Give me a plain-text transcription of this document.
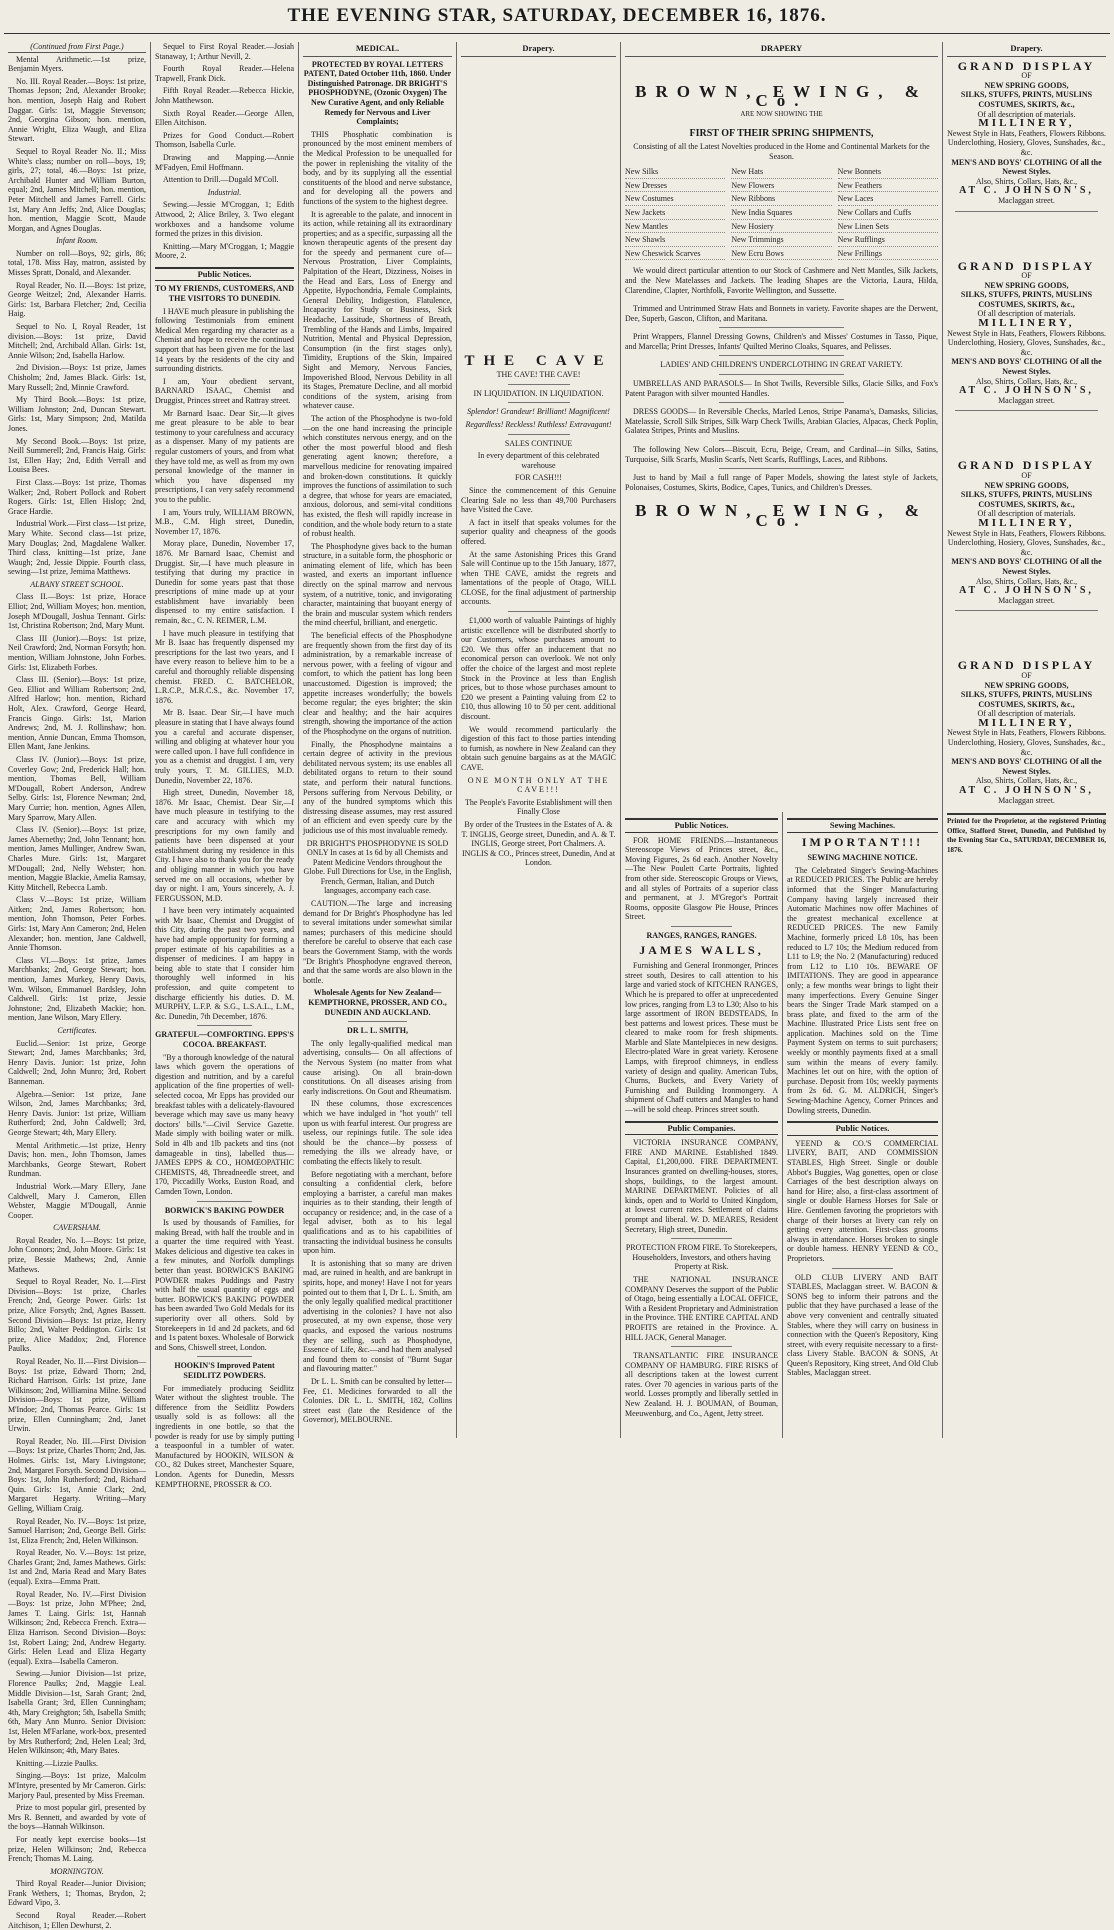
THE EVENING STAR, SATURDAY, DECEMBER 16, 1876.
(Continued from First Page.)

Mental Arithmetic.—1st prize, Benjamin Myers.

No. III. Royal Reader.—Boys: 1st prize, Thomas Jepson; 2nd, Alexander Brooke; hon. mention, Joseph Haig and Robert Daggar. Girls: 1st, Maggie Stevenson; 2nd, Georgina Gibson; hon. mention, Annie Wright, Eliza Waugh, and Eliza Stewart.

Sequel to Royal Reader No. II.; Miss White's class; number on roll—boys, 19; girls, 27; total, 46.—Boys: 1st prize, Archibald Hunter and William Burton, equal; 2nd, James Mitchell; hon. mention, Peter Mitchell and James Farrell. Girls: 1st, Mary Ann Jeffs; 2nd, Alice Douglas; hon. mention, Maggie Scott, Maude Morgan, and Agnes Douglas.

Infant Room.

Number on roll—Boys, 92; girls, 86; total, 178. Miss Hay, matron, assisted by Misses Spratt, Donald, and Alexander.

Royal Reader, No. II.—Boys: 1st prize, George Weitzel; 2nd, Alexander Harris. Girls: 1st, Barbara Fletcher; 2nd, Cecilia Haig.

Sequel to No. I, Royal Reader, 1st division.—Boys: 1st prize, David Mitchell; 2nd, Archibald Allan. Girls: 1st, Annie Wilson; 2nd, Isabella Harlow.

2nd Division.—Boys: 1st prize, James Chisholm; 2nd, James Black. Girls: 1st, Mary Russell; 2nd, Minnie Crawford.

My Third Book.—Boys: 1st prize, William Johnston; 2nd, Duncan Stewart. Girls: 1st, Mary Simpson; 2nd, Matilda Jones.

My Second Book.—Boys: 1st prize, Neill Summerell; 2nd, Francis Haig. Girls: 1st, Ellen Hay; 2nd, Edith Verrall and Louisa Bees.

First Class.—Boys: 1st prize, Thomas Walker; 2nd, Robert Pollock and Robert Rogers. Girls: 1st, Ellen Hislop; 2nd, Grace Hardie.

Industrial Work.—First class—1st prize, Mary White. Second class—1st prize, Mary Douglas; 2nd, Magdalene Walker. Third class, knitting—1st prize, Jane Waugh; 2nd, Jessie Dippie. Fourth class, sewing—1st prize, Jemima Matthews.

ALBANY STREET SCHOOL.

Class II.—Boys: 1st prize, Horace Elliot; 2nd, William Moyes; hon. mention, Joseph M'Dougall, Joshua Tennant. Girls: 1st, Christina Robertson; 2nd, Mary Munt.

Class III (Junior).—Boys: 1st prize, Neil Crawford; 2nd, Norman Forsyth; hon. mention, William Johnstone, John Forbes. Girls: 1st, Elizabeth Forbes.

Class III. (Senior).—Boys: 1st prize, Geo. Elliot and William Robertson; 2nd, Alfred Harlow; hon. mention, Richard Holt, Alex. Crawford, George Heard, Francis Gingo. Girls: 1st, Marion Andrews; 2nd, M. J. Rollinshaw; hon. mention, Annie Duncan, Emma Thomson, Ellen Mant, Jane Jenkins.

Class IV. (Junior).—Boys: 1st prize, Coverley Gow; 2nd, Frederick Hall; hon. mention, Thomas Bell, William M'Dougall, Robert Anderson, Andrew Selby. Girls: 1st, Florence Newman; 2nd, Mary Currie; hon. mention, Agnes Allen, Mary Sparrow, Mary Allen.

Class IV. (Senior).—Boys: 1st prize, James Abernethy; 2nd, John Tennant; hon. mention, James Mullinger, Andrew Swan, Charles Mure. Girls: 1st, Margaret M'Dougall; 2nd, Nelly Webster; hon. mention, Maggie Blackie, Amelia Ramsay, Kitty Mitchell, Rebecca Lamb.

Class V.—Boys: 1st prize, William Aitken; 2nd, James Robertson; hon. mention, John Thomson, Peter Forbes. Girls: 1st, Mary Ann Cameron; 2nd, Helen Alexander; hon. mention, Jane Caldwell, Annie Thomson.

Class VI.—Boys: 1st prize, James Marchbanks; 2nd, George Stewart; hon. mention, James Murkey, Henry Davis, Wm. Wilson, Emmanuel Bardsley, John Caldwell. Girls: 1st prize, Jessie Johnstone; 2nd, Elizabeth Mackie; hon. mention, Jane Wilson, Mary Ellery.

Certificates.

Euclid.—Senior: 1st prize, George Stewart; 2nd, James Marchbanks; 3rd, Henry Davis. Junior: 1st prize, John Caldwell; 2nd, John Munro; 3rd, Robert Banneman.

Algebra.—Senior: 1st prize, Jane Wilson, 2nd, James Marchbanks; 3rd, Henry Davis. Junior: 1st prize, William Rutherford; 2nd, John Caldwell; 3rd, George Stewart; 4th, Mary Ellery.

Mental Arithmetic.—1st prize, Henry Davis; hon. men., John Thomson, James Marchbanks, George Stewart, Robert Rundman.

Industrial Work.—Mary Ellery, Jane Caldwell, Mary J. Cameron, Ellen Webster, Maggie M'Dougall, Annie Cooper.

CAVERSHAM.

Royal Reader, No. I.—Boys: 1st prize, John Connors; 2nd, John Moore. Girls: 1st prize, Bessie Mathews; 2nd, Annie Mathews.

Sequel to Royal Reader, No. I.—First Division—Boys: 1st prize, Charles French; 2nd, George Power. Girls: 1st prize, Alice Forsyth; 2nd, Agnes Bassett. Second Division—Boys: 1st prize, Henry Billo; 2nd, Walter Peddington. Girls: 1st prize, Alice Maddox; 2nd, Florence Paulks.

Royal Reader, No. II.—First Division—Boys: 1st prize, Edward Thorn; 2nd, Richard Harrison. Girls: 1st prize, Jane Wilkinson; 2nd, Williamina Milne. Second Division—Boys: 1st prize, William M'Indoe; 2nd, Thomas Pearce. Girls: 1st prize, Ellen Cunningham; 2nd, Janet Urwin.

Royal Reader, No. III.—First Division—Boys: 1st prize, Charles Thorn; 2nd, Jas. Holmes. Girls: 1st, Mary Livingstone; 2nd, Margaret Forsyth. Second Division—Boys: 1st, John Rutherford; 2nd, Richard Quin. Girls: 1st, Annie Clark; 2nd, Margaret Hegarty. Writing—Mary Gelling, William Craig.

Royal Reader, No. IV.—Boys: 1st prize, Samuel Harrison; 2nd, George Bell. Girls: 1st, Eliza French; 2nd, Helen Wilkinson.

Royal Reader, No. V.—Boys: 1st prize, Charles Grant; 2nd, James Mathews. Girls: 1st and 2nd, Maria Read and Mary Bates (equal). Extra—Emma Pratt.

Royal Reader, No. IV.—First Division—Boys: 1st prize, John M'Phee; 2nd, James T. Laing. Girls: 1st, Hannah Wilkinson; 2nd, Rebecca French. Extra—Eliza Harrison. Second Division—Boys: 1st, Robert Laing; 2nd, Andrew Hegarty. Girls: Helen Lead and Eliza Hegarty (equal). Extra—Isabella Cameron.

Sewing.—Junior Division—1st prize, Florence Paulks; 2nd, Maggie Leal. Middle Division—1st, Sarah Grant; 2nd, Isabella Grant; 3rd, Ellen Cunningham; 4th, Mary Creighgton; 5th, Isabella Smith; 6th, Mary Ann Munro. Senior Division: 1st, Helen M'Farlane, work-box, presented by Mrs Rutherford; 2nd, Helen Leal; 3rd, Helen Wilkinson; 4th, Mary Bates.

Knitting.—Lizzie Paulks.

Singing.—Boys: 1st prize, Malcolm M'Intyre, presented by Mr Cameron. Girls: Marjory Paul, presented by Miss Freeman.

Prize to most popular girl, presented by Mrs R. Bennett, and awarded by vote of the boys—Hannah Wilkinson.

For neatly kept exercise books—1st prize, Helen Wilkinson; 2nd, Rebecca French; Thomas M. Laing.

MORNINGTON.

Third Royal Reader—Junior Division; Frank Wethers, 1; Thomas, Brydon, 2; Edward Vipo, 3.

Second Royal Reader.—Robert Aitchison, 1; Ellen Dewhurst, 2.

Sequel to First Royal Reader.—Josiah Stanaway, 1; Arthur Nevill, 2.

Fourth Royal Reader.—Helena Trapwell, Frank Dick.

Fifth Royal Reader.—Rebecca Hickie, John Matthewson.

Sixth Royal Reader.—George Allen, Ellen Aitchison.

Prizes for Good Conduct.—Robert Thomson, Isabella Curle.

Drawing and Mapping.—Annie M'Fadyen, Emil Hoffmann.

Attention to Drill.—Dugald M'Coll.

Industrial.

Sewing.—Jessie M'Croggan, 1; Edith Attwood, 2; Alice Briley, 3. Two elegant workboxes and a handsome volume formed the prizes in this division.

Knitting.—Mary M'Croggan, 1; Maggie Moore, 2.

Public Notices.

TO MY FRIENDS, CUSTOMERS, AND THE VISITORS TO DUNEDIN.

I HAVE much pleasure in publishing the following Testimonials from eminent Medical Men regarding my character as a Chemist and hope to receive the continued support that has been given me for the last 14 years by the residents of the city and surrounding districts.

I am, Your obedient servant, BARNARD ISAAC, Chemist and Druggist, Princes street and Rattray street.

Mr Barnard Isaac. Dear Sir,—It gives me great pleasure to be able to bear testimony to your carefulness and accuracy as a dispenser. Many of my patients are regular customers of yours, and from what they have told me, as well as from my own personal knowledge of the manner in which you have dispensed my prescriptions, I can very safely recommend you to the public.

I am, Yours truly, WILLIAM BROWN, M.B., C.M. High street, Dunedin, November 17, 1876.

Moray place, Dunedin, November 17, 1876. Mr Barnard Isaac, Chemist and Druggist. Sir,—I have much pleasure in testifying that during my practice in Dunedin for some years past that those prescriptions of mine made up at your establishment have invariably been dispensed to my entire satisfaction. I remain, &c., C. N. REIMER, L.M.

I have much pleasure in testifying that Mr B. Isaac has frequently dispensed my prescriptions for the last two years, and I have every reason to believe him to be a careful and thoroughly reliable dispensing chemist. FRED. C. BATCHELOR, L.R.C.P., M.R.C.S., &c. November 17, 1876.

Mr B. Isaac. Dear Sir,—I have much pleasure in stating that I have always found you a careful and accurate dispenser, willing and obliging at whatever hour you were called upon. I have full confidence in you as a chemist and druggist. I am, very truly yours, T. M. GILLIES, M.D. Dunedin, November 22, 1876.

High street, Dunedin, November 18, 1876. Mr Isaac, Chemist. Dear Sir,—I have much pleasure in testifying to the care and accuracy with which my prescriptions for my own family and patients have been dispensed at your establishment during my residence in this City. I have also to thank you for the ready and obliging manner in which you have served me on all occasions, whether by day or night. I am, Yours sincerely, A. J. FERGUSSON, M.D.

I have been very intimately acquainted with Mr Isaac, Chemist and Druggist of this City, during the past two years, and have had ample opportunity for forming a proper estimate of his capabilities as a dispenser of medicines. I am happy in being able to state that I consider him thoroughly well informed in his profession, and quite competent to discharge efficiently his duties. D. M. MURPHY, L.F.P. & S.G., L.S.A.L., L.M., &c. Dunedin, 7th December, 1876.

GRATEFUL—COMFORTING. EPPS'S COCOA. BREAKFAST.

"By a thorough knowledge of the natural laws which govern the operations of digestion and nutrition, and by a careful application of the fine properties of well-selected cocoa, Mr Epps has provided our breakfast tables with a delicately-flavoured beverage which may save us many heavy doctors' bills."—Civil Service Gazette. Made simply with boiling water or milk. Sold in 4lb and 1lb packets and tins (not damageable in tins), labelled thus— JAMES EPPS & CO., HOMŒOPATHIC CHEMISTS, 48, Threadneedle street, and 170, Piccadilly Works, Euston Road, and Camden Town, London.

BORWICK'S BAKING POWDER

Is used by thousands of Families, for making Bread, with half the trouble and in a quarter the time required with Yeast. Makes delicious and digestive tea cakes in a few minutes, and Norfolk dumplings better than yeast. BORWICK'S BAKING POWDER makes Puddings and Pastry with half the usual quantity of eggs and butter. BORWICK'S BAKING POWDER has been awarded Two Gold Medals for its superiority over all others. Sold by Storekeepers in 1d and 2d packets, and 6d and 1s patent boxes. Wholesale of Borwick and Sons, Chiswell street, London.

HOOKIN'S Improved Patent SEIDLITZ POWDERS.

For immediately producing Seidlitz Water without the slightest trouble. The difference from the Seidlitz Powders usually sold is as follows: all the ingredients in one bottle, so that the powder is ready for use by simply putting a teaspoonful in a tumbler of water. Manufactured by HOOKIN, WILSON & CO., 82 Dukes street, Manchester Square, London. Agents for Dunedin, Messrs KEMPTHORNE, PROSSER & CO.

MEDICAL.

PROTECTED BY ROYAL LETTERS PATENT, Dated October 11th, 1860. Under Distinguished Patronage. DR BRIGHT'S PHOSPHODYNE, (Ozonic Oxygen) The New Curative Agent, and only Reliable Remedy for Nervous and Liver Complaints;

THIS Phosphatic combination is pronounced by the most eminent members of the Medical Profession to be unequalled for the power in replenishing the vitality of the body, and by its supplying all the essential constituents of the blood and nerve substance, and for developing all the powers and functions of the system to the highest degree.

It is agreeable to the palate, and innocent in its action, while retaining all its extraordinary properties; and as a specific, surpassing all the known therapeutic agents of the present day for the speedy and permanent cure of—Nervous Prostration, Liver Complaints, Palpitation of the Heart, Dizziness, Noises in the Head and Ears, Loss of Energy and Appetite, Hypochondria, Female Complaints, General Debility, Indigestion, Flatulence, Incapacity for Study or Business, Sick Headache, Lassitude, Shortness of Breath, Trembling of the Hands and Limbs, Impaired Nutrition, Mental and Physical Depression, Consumption (in the first stages only), Timidity, Eruptions of the Skin, Impaired Sight and Memory, Nervous Fancies, Impoverished Blood, Nervous Debility in all its Stages, Premature Decline, and all morbid conditions of the system, arising from whatever cause.

The action of the Phosphodyne is two-fold—on the one hand increasing the principle which constitutes nervous energy, and on the other the most powerful blood and flesh generating agent known; therefore, a marvellous medicine for renovating impaired and broken-down constitutions. It quickly improves the functions of assimilation to such a degree, that whose for years are emaciated, anxious, dolorous, and semi-vital conditions has existed, the flesh will rapidly increase in condition, and the whole body return to a state of robust health.

The Phosphodyne gives back to the human structure, in a suitable form, the phosphoric or animating element of life, which has been wasted, and exerts an important influence directly on the spinal marrow and nervous system, of a nutritive, tonic, and invigorating character, maintaining that buoyant energy of the brain and muscular system which renders the mind cheerful, brilliant, and energetic.

The beneficial effects of the Phosphodyne are frequently shown from the first day of its administration, by a remarkable increase of nervous power, with a feeling of vigour and comfort, to which the patient has long been unaccustomed. Digestion is improved; the appetite increases wonderfully; the bowels become regular; the eyes brighter; the skin clear and healthy; and the hair acquires strength, showing the importance of the action of the Phosphodyne on the organs of nutrition.

Finally, the Phosphodyne maintains a certain degree of activity in the previous debilitated nervous system; its use enables all debilitated organs to return to their sound state, and perform their natural functions. Persons suffering from Nervous Debility, or any of the hundred symptoms which this distressing disease assumes, may rest assured of an efficient and even speedy cure by the judicious use of this most invaluable remedy.

DR BRIGHT'S PHOSPHODYNE IS SOLD ONLY In cases at 1s 6d by all Chemists and Patent Medicine Vendors throughout the Globe. Full Directions for Use, in the English, French, German, Italian, and Dutch languages, accompany each case.

CAUTION.—The large and increasing demand for Dr Bright's Phosphodyne has led to several imitations under somewhat similar names; purchasers of this medicine should therefore be careful to observe that each case bears the Government Stamp, with the words "Dr Bright's Phosphodyne engraved thereon, and that the same words are also blown in the bottle.

Wholesale Agents for New Zealand— KEMPTHORNE, PROSSER, AND CO., DUNEDIN AND AUCKLAND.

DR L. L. SMITH,

The only legally-qualified medical man advertising, consults— On all affections of the Nervous System (no matter from what cause arising). On all brain-down constitutions. On all diseases arising from early indiscretions. On Gout and Rheumatism.

IN these columns, those excrescences which we have indulged in "hot youth" tell upon us with fearful interest. Our progress are useless, our repinings futile. The sole idea should be the chance—by possess of remedying the ills we already have, or combating the effects likely to result.

Before negotiating with a merchant, before consulting a confidential clerk, before employing a barrister, a careful man makes inquiries as to their standing, their length of occupancy or residence; and, in the case of a legal adviser, both as to his legal qualifications and as to his capabilities of transacting the individual business he consults upon him.

It is astonishing that so many are driven mad, are ruined in health, and are bankrupt in spirits, hope, and money! Have I not for years pointed out to them that I, Dr L. L. Smith, am the only legally qualified medical practitioner advertising in the colonies? I have not also prosecuted, at my own expense, those very quacks, and exposed the various nostrums they are selling, such as Phosphodyne, Essence of Life, &c.—and had them analysed and found them to consist of "Burnt Sugar and flavouring matter."

Dr L. L. Smith can be consulted by letter—Fee, £1. Medicines forwarded to all the Colonies. DR L. L. SMITH, 182, Collins street east (late the Residence of the Governor), MELBOURNE.

Drapery.
THE CAVE

THE CAVE! THE CAVE!

IN LIQUIDATION. IN LIQUIDATION.

Splendor! Grandeur! Brilliant! Magnificent!

Regardless! Reckless! Ruthless! Extravagant!

SALES CONTINUE

In every department of this celebrated warehouse

FOR CASH!!!

Since the commencement of this Genuine Clearing Sale no less than 49,700 Purchasers have Visited the Cave.

A fact in itself that speaks volumes for the superior quality and cheapness of the goods offered.

At the same Astonishing Prices this Grand Sale will Continue up to the 15th January, 1877, when THE CAVE, amidst the regrets and lamentations of the people of Otago, WILL CLOSE, for the final adjustment of partnership accounts.

£1,000 worth of valuable Paintings of highly artistic excellence will be distributed shortly to our Customers, whose purchases amount to £20. We thus offer an inducement that no economical person can overlook. We not only offer the choice of the largest and most replete Stock in the Province at less than English prices, but to those whose purchases amount to £20 we present a Painting valuing from £2 to £10, thus allowing 10 to 50 per cent. additional discount.

We would recommend particularly the digestion of this fact to those parties intending to furnish, as nowhere in New Zealand can they obtain such genuine bargains as at the MAGIC CAVE.

ONE MONTH ONLY AT THE CAVE!!!

The People's Favorite Establishment will then Finally Close

By order of the Trustees in the Estates of A. & T. INGLIS, George street, Dunedin, and A. & T. INGLIS, George street, Port Chalmers. A. INGLIS & CO., Princes street, Dunedin, And at London.

DRAPERY
BROWN, EWING, & Co.

ARE NOW SHOWING THE

FIRST OF THEIR SPRING SHIPMENTS,

Consisting of all the Latest Novelties produced in the Home and Continental Markets for the Season.

New Silks	New Hats	New Bonnets
New Dresses	New Flowers	New Feathers
New Costumes	New Ribbons	New Laces
New Jackets	New India Squares	New Collars and Cuffs
New Mantles	New Hosiery	New Linen Sets
New Shawls	New Trimmings	New Rufflings
New Cheswick Scarves	New Ecru Bows	New Frillings

We would direct particular attention to our Stock of Cashmere and Nett Mantles, Silk Jackets, and the New Matelasses and Jackets. The leading Shapes are the Victoria, Laura, Hilda, Clarendine, Clapter, Northfolk, Favorite Wellington, and Sussette.

Trimmed and Untrimmed Straw Hats and Bonnets in variety. Favorite shapes are the Derwent, Dee, Superb, Gascon, Clifton, and Maritana.

Print Wrappers, Flannel Dressing Gowns, Children's and Misses' Costumes in Tasso, Pique, and Marcella; Print Dresses, Infants' Quilted Merino Cloaks, Squares, and Pelisses.

LADIES' AND CHILDREN'S UNDERCLOTHING IN GREAT VARIETY.

UMBRELLAS AND PARASOLS— In Shot Twills, Reversible Silks, Glacie Silks, and Fox's Patent Paragon with silver mounted Handles.

DRESS GOODS— In Reversible Checks, Marled Lenos, Stripe Panama's, Damasks, Silicias, Matelassie, Scroll Silk Stripes, Silk Warp Check Twills, Arabian Glacies, Alpacas, Check Poplin, Galatea Stripes, Prints and Muslins.

The following New Colors—Biscuit, Ecru, Beige, Cream, and Cardinal—in Silks, Satins, Turquoise, Silk Scarfs, Muslin Scarfs, Nett Scarfs, Rufflings, Laces, and Ribbons.

Just to hand by Mail a full range of Paper Models, showing the latest style of Jackets, Polonaises, Costumes, Skirts, Bodice, Capes, Tunics, and Children's Dresses.

BROWN, EWING, & Co.
Public Notices.

FOR HOME FRIENDS.—Instantaneous Stereoscope Views of Princes street, &c., Moving Figures, 2s 6d each. Another Novelty—The New Poulett Carte Portraits, lighted from other side. Stereoscopic Groups or Views, and all styles of Portraits of a superior class and permanent, at J. M'Gregor's Portrait Rooms, opposite Glasgow Pie House, Princes Street.

RANGES, RANGES, RANGES.

JAMES WALLS,

Furnishing and General Ironmonger, Princes street south, Desires to call attention to his large and varied stock of KITCHEN RANGES, Which he is prepared to offer at unprecedented low prices, ranging from L3 to L30; Also to his large assortment of IRON BEDSTEADS, In best patterns and lowest prices. These must be cleared to make room for fresh shipments. Marble and Slate Mantelpieces in new designs. Electro-plated Ware in great variety. Kerosene Lamps, with fireproof chimneys, in endless variety of design and quality. American Tubs, Churns, Buckets, and Every Variety of Furnishing and Building Ironmongery. A shipment of Chaff cutters and Mangles to hand—will be sold cheap. Princes street south.

Public Companies.

VICTORIA INSURANCE COMPANY, FIRE AND MARINE. Established 1849. Capital, £1,200,000. FIRE DEPARTMENT. Insurances granted on dwelling-houses, stores, shops, buildings, to the largest amount. MARINE DEPARTMENT. Policies of all kinds, open and to World to United Kingdom, at lowest current rates. Settlement of claims prompt and liberal. W. D. MEARES, Resident Secretary, High street, Dunedin.

PROTECTION FROM FIRE. To Storekeepers, Householders, Investors, and others having Property at Risk.

THE NATIONAL INSURANCE COMPANY Deserves the support of the Public of Otago, being essentially a LOCAL OFFICE, With a Resident Proprietary and Administration in the Province. THE ENTIRE CAPITAL AND PROFITS are retained in the Province. A. HILL JACK, General Manager.

TRANSATLANTIC FIRE INSURANCE COMPANY OF HAMBURG. FIRE RISKS of all descriptions taken at the lowest current rates. Over 70 agencies in various parts of the world. Losses promptly and liberally settled in New Zealand. H. J. BOUMAN, of Bouman, Meeuwenburg, and Co., Agent, Jetty street.

Sewing Machines.
IMPORTANT!!!

SEWING MACHINE NOTICE.

The Celebrated Singer's Sewing-Machines at REDUCED PRICES. The Public are hereby informed that the Singer Manufacturing Company having largely increased their Automatic Machines now offer Machines of the greatest mechanical excellence at REDUCED PRICES. The new Family Machine, formerly priced L8 10s, has been reduced to L7 10s; the Medium reduced from L11 to L9; the No. 2 (Manufacturing) reduced from L12 to L10 10s. BEWARE OF IMITATIONS. They are good in appearance only; a few months wear brings to light their many imperfections. Every Genuine Singer bears the Singer Trade Mark stamped on a brass plate, and fixed to the arm of the Machine. Illustrated Price Lists sent free on application. Machines sold on the Time Payment System on terms to suit purchasers; weekly or monthly payments fixed at a small sum within the means of every family. Machines let out on hire, with the option of purchase. Deposit from 10s; weekly payments from 2s 6d. G. M. ALDRICH, Singer's Sewing-Machine Agency, Corner Princes and Dowling streets, Dunedin.

Public Notices.

YEEND & CO.'S COMMERCIAL LIVERY, BAIT, AND COMMISSION STABLES, High Street. Single or double Abbot's Buggies, Wag gonettes, open or close Carriages of the best description always on hand for Hire; also, a first-class assortment of single or double Harness Horses for Sale or Hire. Gentlemen favoring the proprietors with charge of their horses at livery can rely on getting every attention. First-class grooms always in attendance. Horses broken to single or double harness. HENRY YEEND & CO., Proprietors.

OLD CLUB LIVERY AND BAIT STABLES, Maclaggan street. W. BACON & SONS beg to inform their patrons and the public that they have purchased a lease of the above very convenient and centrally situated Stables, where they will carry on business in connection with the Queen's Repository, King street, with every requisite necessary to a first-class Livery Stable. BACON & SONS, At Queen's Repository, King street, And Old Club Stables, Maclaggan street.

Drapery.
GRAND DISPLAY
OF
NEW SPRING GOODS,
SILKS, STUFFS, PRINTS, MUSLINS COSTUMES, SKIRTS, &c.,
Of all description of materials.
MILLINERY,
Newest Style in Hats, Feathers, Flowers Ribbons.
Underclothing, Hosiery, Gloves, Sunshades, &c., &c.
MEN'S AND BOYS' CLOTHING Of all the Newest Styles.
Also, Shirts, Collars, Hats, &c.,
AT C. JOHNSON'S,
Maclaggan street.
GRAND DISPLAY
OF
NEW SPRING GOODS,
SILKS, STUFFS, PRINTS, MUSLINS COSTUMES, SKIRTS, &c.,
Of all description of materials.
MILLINERY,
Newest Style in Hats, Feathers, Flowers Ribbons.
Underclothing, Hosiery, Gloves, Sunshades, &c., &c.
MEN'S AND BOYS' CLOTHING Of all the Newest Styles.
Also, Shirts, Collars, Hats, &c.,
AT C. JOHNSON'S,
Maclaggan street.
GRAND DISPLAY
OF
NEW SPRING GOODS,
SILKS, STUFFS, PRINTS, MUSLINS COSTUMES, SKIRTS, &c.,
Of all description of materials.
MILLINERY,
Newest Style in Hats, Feathers, Flowers Ribbons.
Underclothing, Hosiery, Gloves, Sunshades, &c., &c.
MEN'S AND BOYS' CLOTHING Of all the Newest Styles.
Also, Shirts, Collars, Hats, &c.,
AT C. JOHNSON'S,
Maclaggan street.
GRAND DISPLAY
OF
NEW SPRING GOODS,
SILKS, STUFFS, PRINTS, MUSLINS COSTUMES, SKIRTS, &c.,
Of all description of materials.
MILLINERY,
Newest Style in Hats, Feathers, Flowers Ribbons.
Underclothing, Hosiery, Gloves, Sunshades, &c., &c.
MEN'S AND BOYS' CLOTHING Of all the Newest Styles.
Also, Shirts, Collars, Hats, &c.,
AT C. JOHNSON'S,
Maclaggan street.
Printed for the Proprietor, at the registered Printing Office, Stafford Street, Dunedin, and Published by the Evening Star Co., SATURDAY, DECEMBER 16, 1876.
